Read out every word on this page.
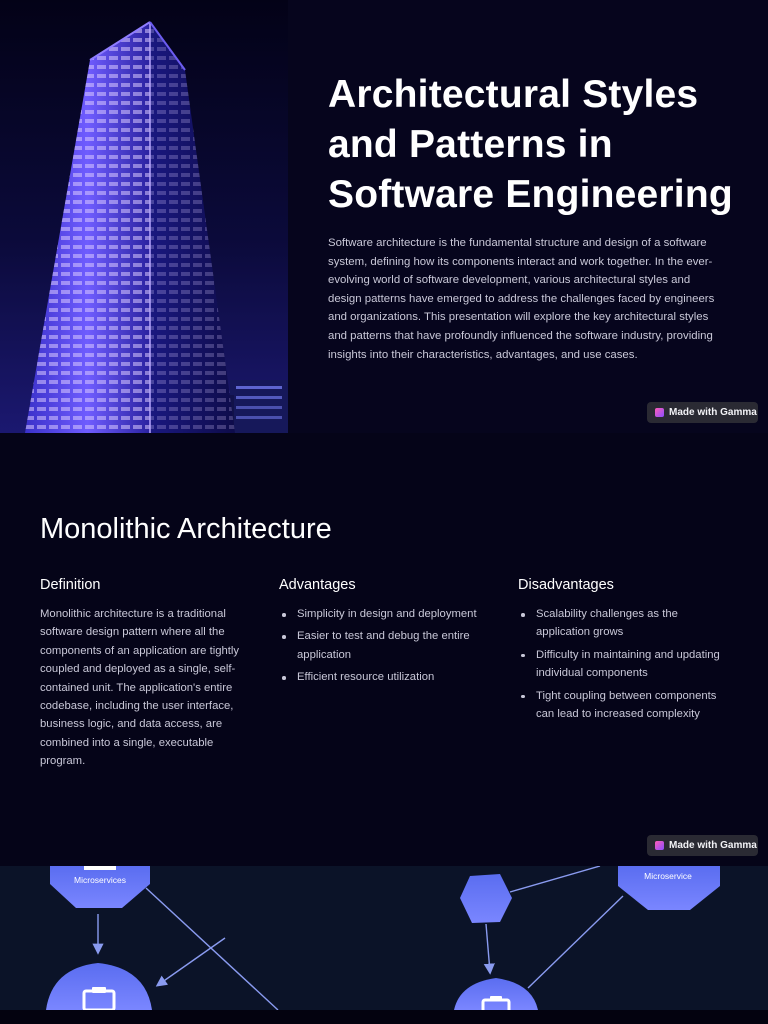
Architectural Styles and Patterns in Software Engineering

Software architecture is the fundamental structure and design of a software system, defining how its components interact and work together. In the ever-evolving world of software development, various architectural styles and design patterns have emerged to address the challenges faced by engineers and organizations. This presentation will explore the key architectural styles and patterns that have profoundly influenced the software industry, providing insights into their characteristics, advantages, and use cases.

Made with Gamma
Monolithic Architecture
Definition

Monolithic architecture is a traditional software design pattern where all the components of an application are tightly coupled and deployed as a single, self-contained unit. The application's entire codebase, including the user interface, business logic, and data access, are combined into a single, executable program.

Advantages
Simplicity in design and deployment
Easier to test and debug the entire application
Efficient resource utilization
Disadvantages
Scalability challenges as the application grows
Difficulty in maintaining and updating individual components
Tight coupling between components can lead to increased complexity
Made with Gamma
Microservices	Microservice
